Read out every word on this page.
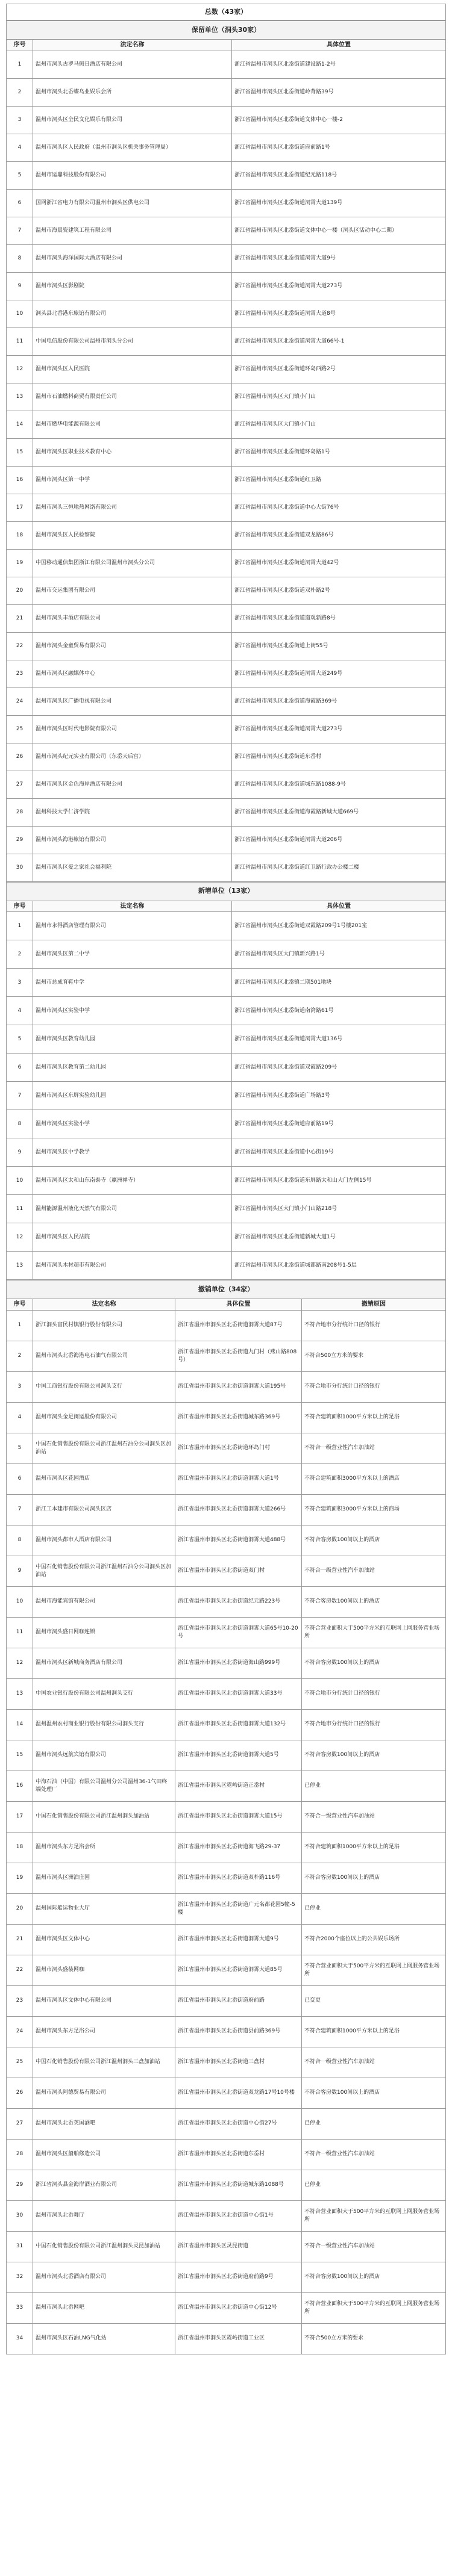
总数（43家）
保留单位（洞头30家）		
序号	法定名称	具体位置
1	温州市洞头古罗马假日酒店有限公司	浙江省温州市洞头区北岙街道建设路1-2号
2	温州市洞头北岙蝶乌业娱乐会所	浙江省温州市洞头区北岙街道岭背路39号
3	温州市洞头区全民文化娱乐有限公司	浙江省温州市洞头区北岙街道文体中心一楼-2
4	温州市洞头区人民政府（温州市洞头区机关事务管理局）	浙江省温州市洞头区北岙街道府前路1号
5	温州市运鼎科技股份有限公司	浙江省温州市洞头区北岙街道纪元路118号
6	国网浙江省电力有限公司温州市洞头区供电公司	浙江省温州市洞头区北岙街道洞霄大道139号
7	温州市海晨瓷建筑工程有限公司	浙江省温州市洞头区北岙街道文体中心一楼（洞头区活动中心二期）
8	温州市洞头海洋国际大酒店有限公司	浙江省温州市洞头区北岙街道洞霄大道9号
9	温州市洞头区影剧院	浙江省温州市洞头区北岙街道洞霄大道273号
10	洞头县北岙港东旅馆有限公司	浙江省温州市洞头区北岙街道洞霄大道8号
11	中国电信股份有限公司温州市洞头分公司	浙江省温州市洞头区北岙街道洞霄大道66号-1
12	温州市洞头区人民医院	浙江省温州市洞头区北岙街道环岛西路2号
13	温州市石油燃料商贸有限责任公司	浙江省温州市洞头区大门镇小门山
14	温州市燃华电能源有限公司	浙江省温州市洞头区大门镇小门山
15	温州市洞头区职业技术教育中心	浙江省温州市洞头区北岙街道环岛路1号
16	温州市洞头区第一中学	浙江省温州市洞头区北岙街道红卫路
17	温州市洞头三恒地热网络有限公司	浙江省温州市洞头区北岙街道中心大街76号
18	温州市洞头区人民检察院	浙江省温州市洞头区北岙街道双龙路86号
19	中国移动通信集团浙江有限公司温州市洞头分公司	浙江省温州市洞头区北岙街道洞霄大道42号
20	温州市交运集团有限公司	浙江省温州市洞头区北岙街道双朴路2号
21	温州市洞头丰酒店有限公司	浙江省温州市洞头区北岙街道道观新路8号
22	温州市洞头金童贸易有限公司	浙江省温州市洞头区北岙街道上街55号
23	温州市洞头区融媒体中心	浙江省温州市洞头区北岙街道洞霄大道249号
24	温州市洞头区广播电视有限公司	浙江省温州市洞头区北岙街道海霞路369号
25	温州市洞头区时代电影院有限公司	浙江省温州市洞头区北岙街道洞霄大道273号
26	温州市洞头纪元实业有限公司（东岙天后宫）	浙江省温州市洞头区北岙街道东岙村
27	温州市洞头区金色海岸酒店有限公司	浙江省温州市洞头区北岙街道城东路1088-9号
28	温州科技大学仁济学院	浙江省温州市洞头区北岙街道海霞路新城大道669号
29	温州市洞头海港旅馆有限公司	浙江省温州市洞头区北岙街道洞霄大道206号
30	温州市洞头区爱之家社会福利院	浙江省温州市洞头区北岙街道红卫路行政办公楼二楼
新增单位（13家）		
序号	法定名称	具体位置
1	温州市永得酒店管理有限公司	浙江省温州市洞头区北岙街道双霞路209号1号楼201室
2	温州市洞头区第二中学	浙江省温州市洞头区大门镇新兴路1号
3	温州市总成育鞋中学	浙江省温州市洞头区北岙镇二期501地块
4	温州市洞头区实验中学	浙江省温州市洞头区北岙街道南湾路61号
5	温州市洞头区教育幼儿园	浙江省温州市洞头区北岙街道洞霄大道136号
6	温州市洞头区教育第二幼儿园	浙江省温州市洞头区北岙街道双霞路209号
7	温州市洞头区东屏实验幼儿园	浙江省温州市洞头区北岙街道广场路3号
8	温州市洞头区实验小学	浙江省温州市洞头区北岙街道府前路19号
9	温州市洞头区中学教学	浙江省温州市洞头区北岙街道中心街19号
10	温州市洞头区太和山东南泰寺（赢洲禅寺）	浙江省温州市洞头区北岙街道东屏路太和山大门左侧15号
11	温州能源温州液化天然气有限公司	浙江省温州市洞头区大门镇小门山路218号
12	温州市洞头区人民法院	浙江省温州市洞头区北岙街道新城大道1号
13	温州市洞头木材超市有限公司	浙江省温州市洞头区北岙街道城都路南208号1-5层
撤销单位（34家）			
序号	法定名称	具体位置	撤销原因
1	浙江洞头富民村镇银行股份有限公司	浙江省温州市洞头区北岙街道洞霄大道87号	不符合地市分行统计口径的银行
2	温州市洞头北岙海港电石油气有限公司	浙江省温州市洞头区北岙街道九门村（燕山路808号）	不符合500立方米的要求
3	中国工商银行股份有限公司洞头支行	浙江省温州市洞头区北岙街道洞霄大道195号	不符合地市分行统计口径的银行
4	温州市洞头金足闽运股份有限公司	浙江省温州市洞头区北岙街道城东路369号	不符合建筑面积1000平方米以上的足浴
5	中国石化销售股份有限公司浙江温州石油分公司洞头区加油站	浙江省温州市洞头区北岙街道环岛门村	不符合一级营业性汽车加油站
6	温州市洞头区花园酒店	浙江省温州市洞头区北岙街道洞霄大道1号	不符合建筑面积3000平方米以上的酒店
7	浙江工本建市有限公司洞头区店	浙江省温州市洞头区北岙街道洞霄大道266号	不符合建筑面积3000平方米以上的商场
8	温州市洞头都市人酒店有限公司	浙江省温州市洞头区北岙街道洞霄大道488号	不符合客房数100间以上的酒店
9	中国石化销售股份有限公司浙江温州石油分公司洞头区加油站	浙江省温州市洞头区北岙街道双门村	不符合一级营业性汽车加油站
10	温州市海能宾馆有限公司	浙江省温州市洞头区北岙街道纪元路223号	不符合客房数100间以上的酒店
11	温州市洞头盛日网咖连锁	浙江省温州市洞头区北岙街道洞霄大道65号10-20号	不符合营业面积大于500平方米的互联网上网服务营业场所
12	温州市洞头区新城商务酒店有限公司	浙江省温州市洞头区北岙街道海山路999号	不符合客房数100间以上的酒店
13	中国农业银行股份有限公司温州洞头支行	浙江省温州市洞头区北岙街道洞霄大道33号	不符合地市分行统计口径的银行
14	温州温州农村商业银行股份有限公司洞头支行	浙江省温州市洞头区北岙街道洞霄大道132号	不符合地市分行统计口径的银行
15	温州市洞头远航宾馆有限公司	浙江省温州市洞头区北岙街道洞霄大道5号	不符合客房数100间以上的酒店
16	中海石油（中国）有限公司温州分公司温州36-1气田终端处理厂	浙江省温州市洞头区霓屿街道正岙村	已停业
17	中国石化销售股份有限公司浙江温州洞头加油站	浙江省温州市洞头区北岙街道洞霄大道15号	不符合一级营业性汽车加油站
18	温州市洞头东方足浴会所	浙江省温州市洞头区北岙街道海飞路29-37	不符合建筑面积1000平方米以上的足浴
19	温州市洞头区洲泊庄园	浙江省温州市洞头区北岙街道双朴路116号	不符合客房数100间以上的酒店
20	温州国际船运物业大厅	浙江省温州市洞头区北岙街道广元名都花园5幢-5楼	已停业
21	温州市洞头区文体中心	浙江省温州市洞头区北岙街道洞霄大道9号	不符合2000个座位以上的公共娱乐场所
22	温州市洞头盛装网咖	浙江省温州市洞头区北岙街道洞霄大道85号	不符合营业面积大于500平方米的互联网上网服务营业场所
23	温州市洞头区文体中心有限公司	浙江省温州市洞头区北岙街道府前路	已变更
24	温州市洞头东方足浴公司	浙江省温州市洞头区北岙街道县前路369号	不符合建筑面积1000平方米以上的足浴
25	中国石化销售股份有限公司浙江温州洞头三盘加油站	浙江省温州市洞头区北岙街道三盘村	不符合一级营业性汽车加油站
26	温州市洞头阿德贸易有限公司	浙江省温州市洞头区北岙街道双龙路17号10号楼	不符合客房数100间以上的酒店
27	温州市洞头北岙英国酒吧	浙江省温州市洞头区北岙街道中心街27号	已停业
28	温州市洞头区船舶修造公司	浙江省温州市洞头区北岙街道东岙村	不符合一级营业性汽车加油站
29	浙江省洞头县金海岸酒业有限公司	浙江省温州市洞头区北岙街道城东路1088号	已停业
30	温州市洞头北岙舞厅	浙江省温州市洞头区北岙街道中心街1号	不符合营业面积大于500平方米的互联网上网服务营业场所
31	中国石化销售股份有限公司浙江温州洞头灵昆加油站	浙江省温州市洞头区灵昆街道	不符合一级营业性汽车加油站
32	温州市洞头北岙酒店有限公司	浙江省温州市洞头区北岙街道府前路9号	不符合客房数100间以上的酒店
33	温州市洞头北岙网吧	浙江省温州市洞头区北岙街道中心街12号	不符合营业面积大于500平方米的互联网上网服务营业场所
34	温州市洞头区石油LNG气化站	浙江省温州市洞头区霓屿街道工业区	不符合500立方米的要求
